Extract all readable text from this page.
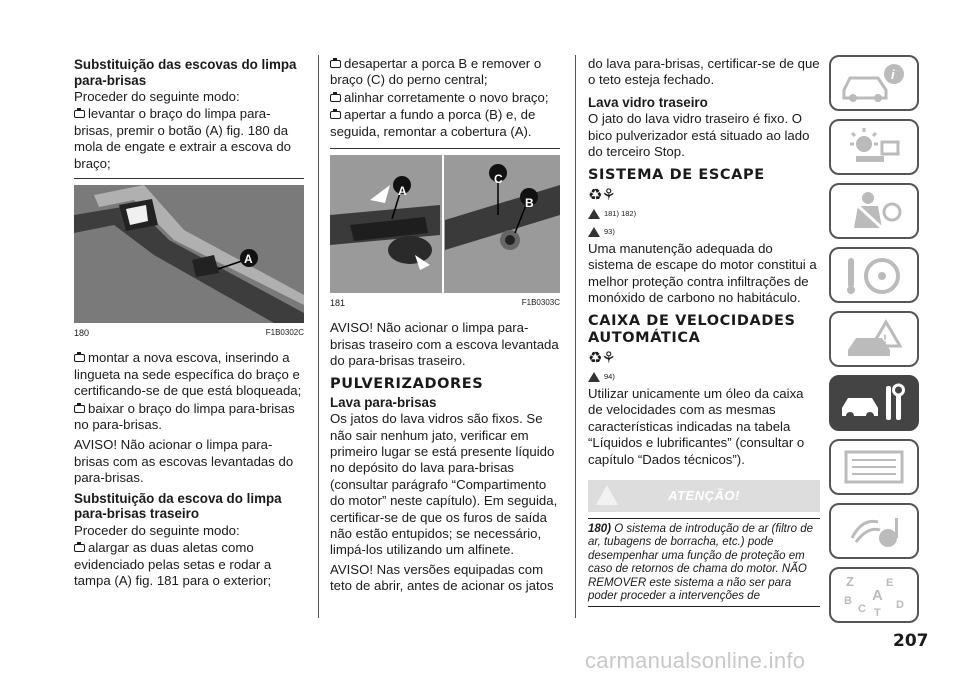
Substituição das escovas do limpa para-brisas

Proceder do seguinte modo:

levantar o braço do limpa para-brisas, premir o botão (A) fig. 180 da mola de engate e extrair a escova do braço;

A
180	F1B0302C

montar a nova escova, inserindo a lingueta na sede específica do braço e certificando-se de que está bloqueada;

baixar o braço do limpa para-brisas no para-brisas.

AVISO! Não acionar o limpa para-brisas com as escovas levantadas do para-brisas.

Substituição da escova do limpa para-brisas traseiro

Proceder do seguinte modo:

alargar as duas aletas como evidenciado pelas setas e rodar a tampa (A) fig. 181 para o exterior;

desapertar a porca B e remover o braço (C) do perno central;

alinhar corretamente o novo braço;

apertar a fundo a porca (B) e, de seguida, remontar a cobertura (A).

A
C
B
181	F1B0303C

AVISO! Não acionar o limpa para-brisas traseiro com a escova levantada do para-brisas traseiro.

PULVERIZADORES
Lava para-brisas

Os jatos do lava vidros são fixos. Se não sair nenhum jato, verificar em primeiro lugar se está presente líquido no depósito do lava para-brisas (consultar parágrafo “Compartimento do motor” neste capítulo). Em seguida, certificar-se de que os furos de saída não estão entupidos; se necessário, limpá-los utilizando um alfinete.

AVISO! Nas versões equipadas com teto de abrir, antes de acionar os jatos

do lava para-brisas, certificar-se de que o teto esteja fechado.

Lava vidro traseiro

O jato do lava vidro traseiro é fixo. O bico pulverizador está situado ao lado do terceiro Stop.

SISTEMA DE ESCAPE
♻⚘
181) 182)
93)

Uma manutenção adequada do sistema de escape do motor constitui a melhor proteção contra infiltrações de monóxido de carbono no habitáculo.

CAIXA DE VELOCIDADES AUTOMÁTICA
♻⚘
94)

Utilizar unicamente um óleo da caixa de velocidades com as mesmas características indicadas na tabela “Líquidos e lubrificantes” (consultar o capítulo “Dados técnicos”).

ATENÇÃO!
180) O sistema de introdução de ar (filtro de ar, tubagens de borracha, etc.) pode desempenhar uma função de proteção em caso de retornos de chama do motor. NÃO REMOVER este sistema a não ser para poder proceder a intervenções de
i
!
Z	E
B A
C	D
T
207
carmanualsonline.info
